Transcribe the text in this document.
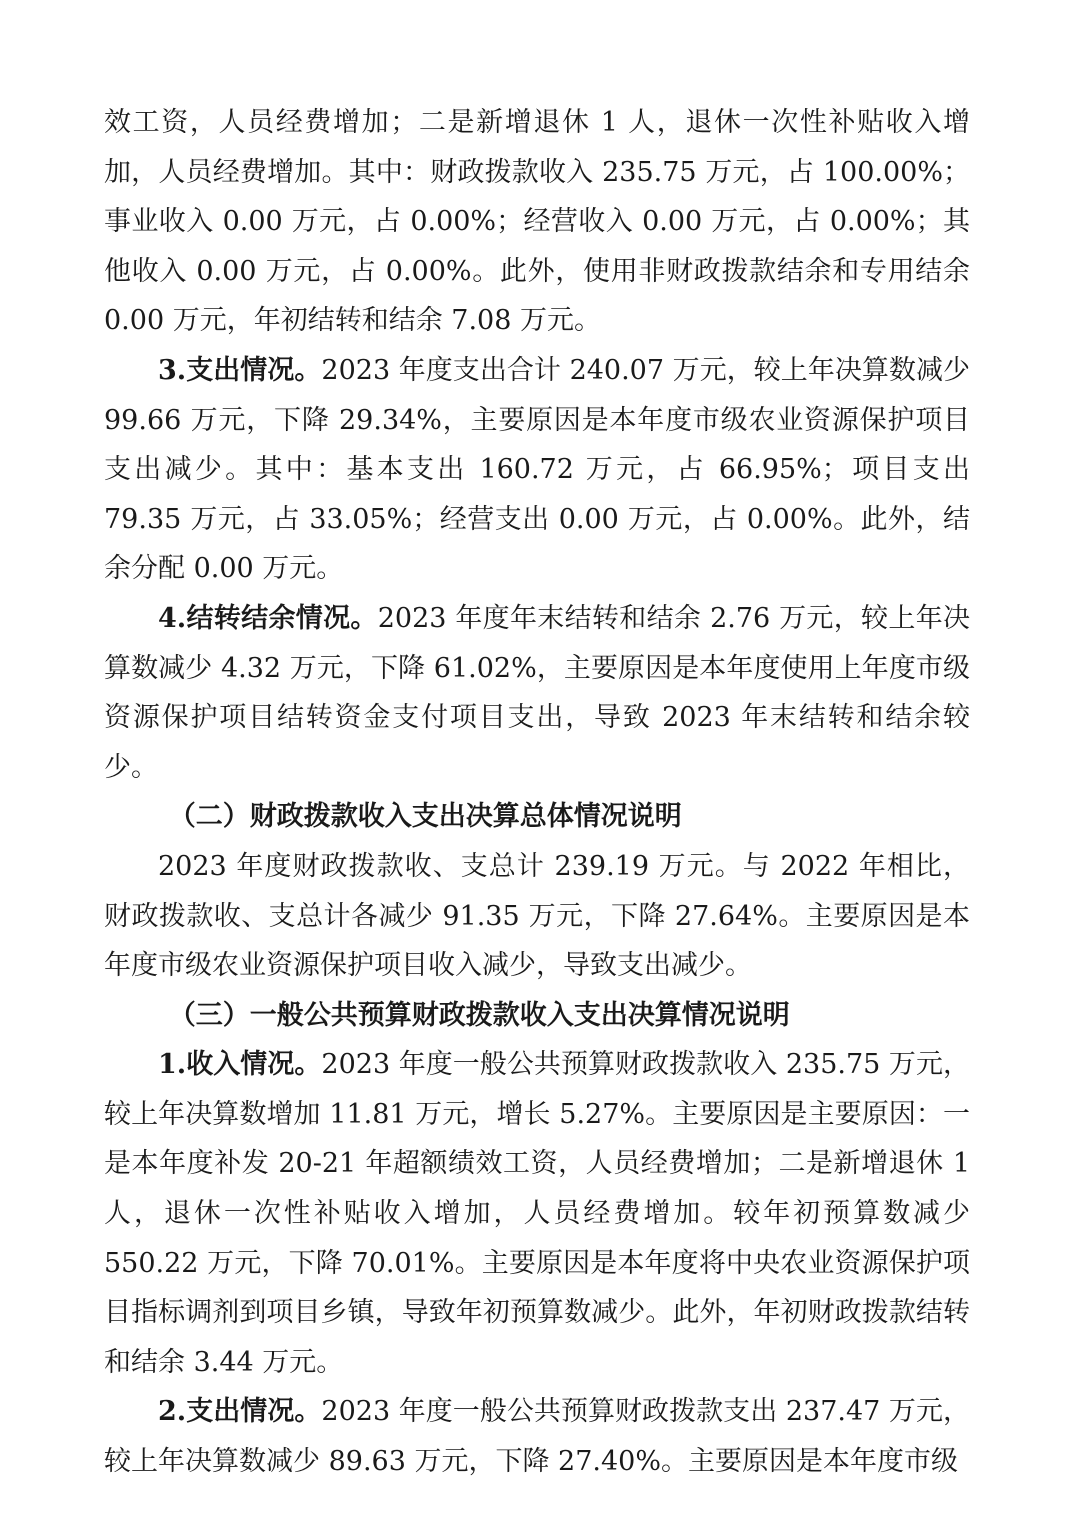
效工资，人员经费增加；二是新增退休 1 人，退休一次性补贴收入增加，人员经费增加。其中：财政拨款收入 235.75 万元，占 100.00%；事业收入 0.00 万元，占 0.00%；经营收入 0.00 万元，占 0.00%；其他收入 0.00 万元，占 0.00%。此外，使用非财政拨款结余和专用结余 0.00 万元，年初结转和结余 7.08 万元。

3.支出情况。2023 年度支出合计 240.07 万元，较上年决算数减少 99.66 万元，下降 29.34%，主要原因是本年度市级农业资源保护项目支出减少。其中：基本支出 160.72 万元，占 66.95%；项目支出 79.35 万元，占 33.05%；经营支出 0.00 万元，占 0.00%。此外，结余分配 0.00 万元。

4.结转结余情况。2023 年度年末结转和结余 2.76 万元，较上年决算数减少 4.32 万元，下降 61.02%，主要原因是本年度使用上年度市级资源保护项目结转资金支付项目支出，导致 2023 年末结转和结余较少。

（二）财政拨款收入支出决算总体情况说明

2023 年度财政拨款收、支总计 239.19 万元。与 2022 年相比，财政拨款收、支总计各减少 91.35 万元，下降 27.64%。主要原因是本年度市级农业资源保护项目收入减少，导致支出减少。

（三）一般公共预算财政拨款收入支出决算情况说明

1.收入情况。2023 年度一般公共预算财政拨款收入 235.75 万元，较上年决算数增加 11.81 万元，增长 5.27%。主要原因是主要原因：一是本年度补发 20-21 年超额绩效工资，人员经费增加；二是新增退休 1 人，退休一次性补贴收入增加，人员经费增加。较年初预算数减少 550.22 万元，下降 70.01%。主要原因是本年度将中央农业资源保护项目指标调剂到项目乡镇，导致年初预算数减少。此外，年初财政拨款结转和结余 3.44 万元。

2.支出情况。2023 年度一般公共预算财政拨款支出 237.47 万元，较上年决算数减少 89.63 万元，下降 27.40%。主要原因是本年度市级
